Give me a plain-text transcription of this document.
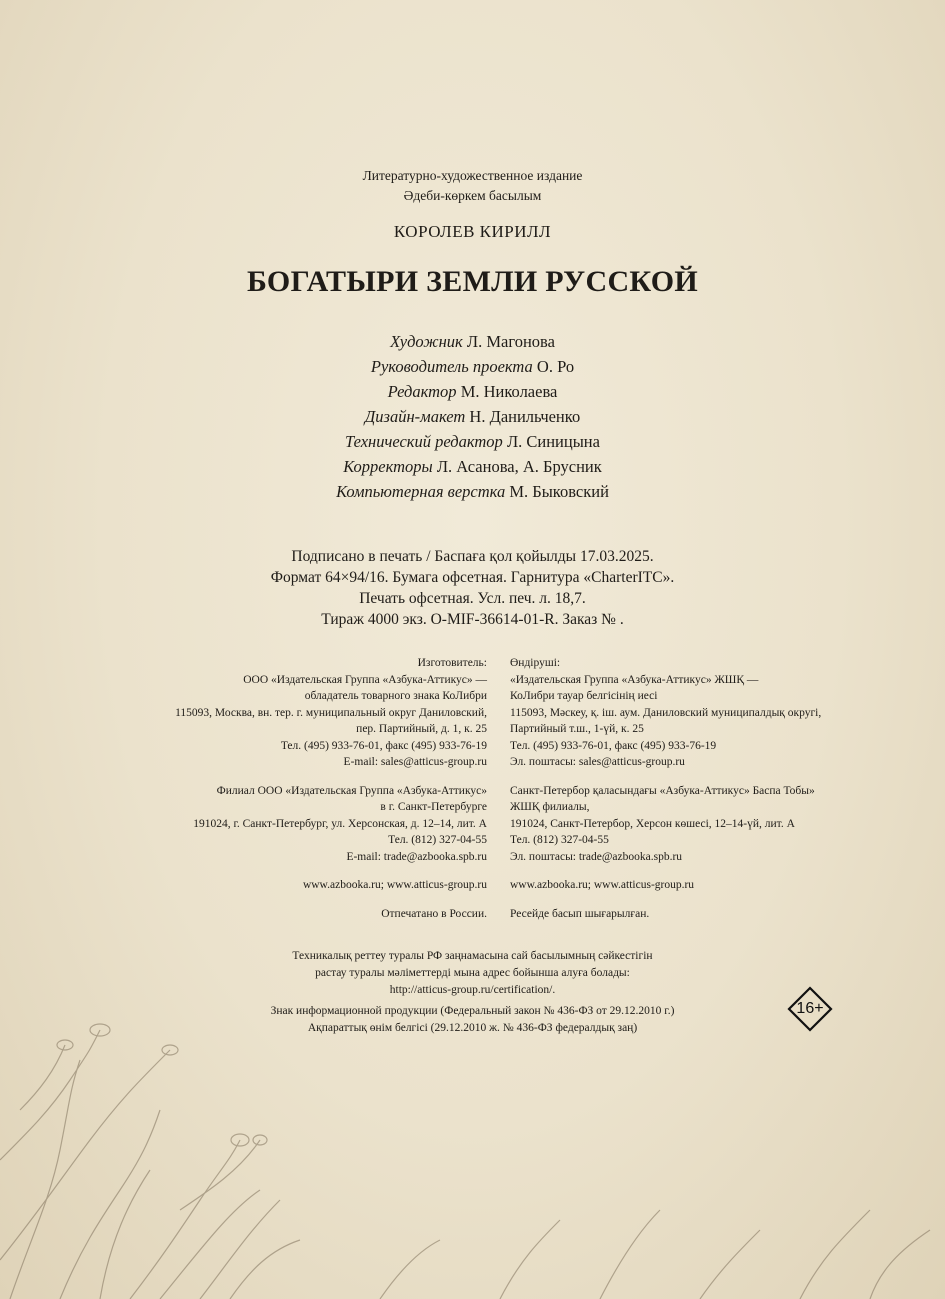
Литературно-художественное издание
Әдеби-көркем басылым
КОРОЛЕВ КИРИЛЛ
БОГАТЫРИ ЗЕМЛИ РУССКОЙ
Художник Л. Магонова
Руководитель проекта О. Ро
Редактор М. Николаева
Дизайн-макет Н. Данильченко
Технический редактор Л. Синицына
Корректоры Л. Асанова, А. Брусник
Компьютерная верстка М. Быковский
Подписано в печать / Баспаға қол қойылды 17.03.2025.
Формат 64×94/16. Бумага офсетная. Гарнитура «CharterITC».
Печать офсетная. Усл. печ. л. 18,7.
Тираж 4000 экз. O-MIF-36614-01-R. Заказ № .
Изготовитель:
ООО «Издательская Группа «Азбука-Аттикус» —
обладатель товарного знака КоЛибри
115093, Москва, вн. тер. г. муниципальный округ Даниловский,
пер. Партийный, д. 1, к. 25
Тел. (495) 933-76-01, факс (495) 933-76-19
E-mail: sales@atticus-group.ru
Филиал ООО «Издательская Группа «Азбука-Аттикус»
в г. Санкт-Петербурге
191024, г. Санкт-Петербург, ул. Херсонская, д. 12–14, лит. А
Тел. (812) 327-04-55
E-mail: trade@azbooka.spb.ru
www.azbooka.ru; www.atticus-group.ru
Отпечатано в России.
Өндіруші:
«Издательская Группа «Азбука-Аттикус» ЖШҚ —
КоЛибри тауар белгісінің иесі
115093, Мәскеу, қ. іш. аум. Даниловский муниципалдық округі,
Партийный т.ш., 1-үй, к. 25
Тел. (495) 933-76-01, факс (495) 933-76-19
Эл. поштасы: sales@atticus-group.ru
Санкт-Петербор қаласындағы «Азбука-Аттикус» Баспа Тобы»
ЖШҚ филиалы,
191024, Санкт-Петербор, Херсон көшесі, 12–14-үй, лит. А
Тел. (812) 327-04-55
Эл. поштасы: trade@azbooka.spb.ru
www.azbooka.ru; www.atticus-group.ru
Ресейде басып шығарылған.
Техникалық реттеу туралы РФ заңнамасына сай басылымның сәйкестігін
растау туралы мәліметтерді мына адрес бойынша алуға болады:
http://atticus-group.ru/certification/.
Знак информационной продукции (Федеральный закон № 436-ФЗ от 29.12.2010 г.)
Ақпараттық өнім белгісі (29.12.2010 ж. № 436-ФЗ федералдық заң)
16+
